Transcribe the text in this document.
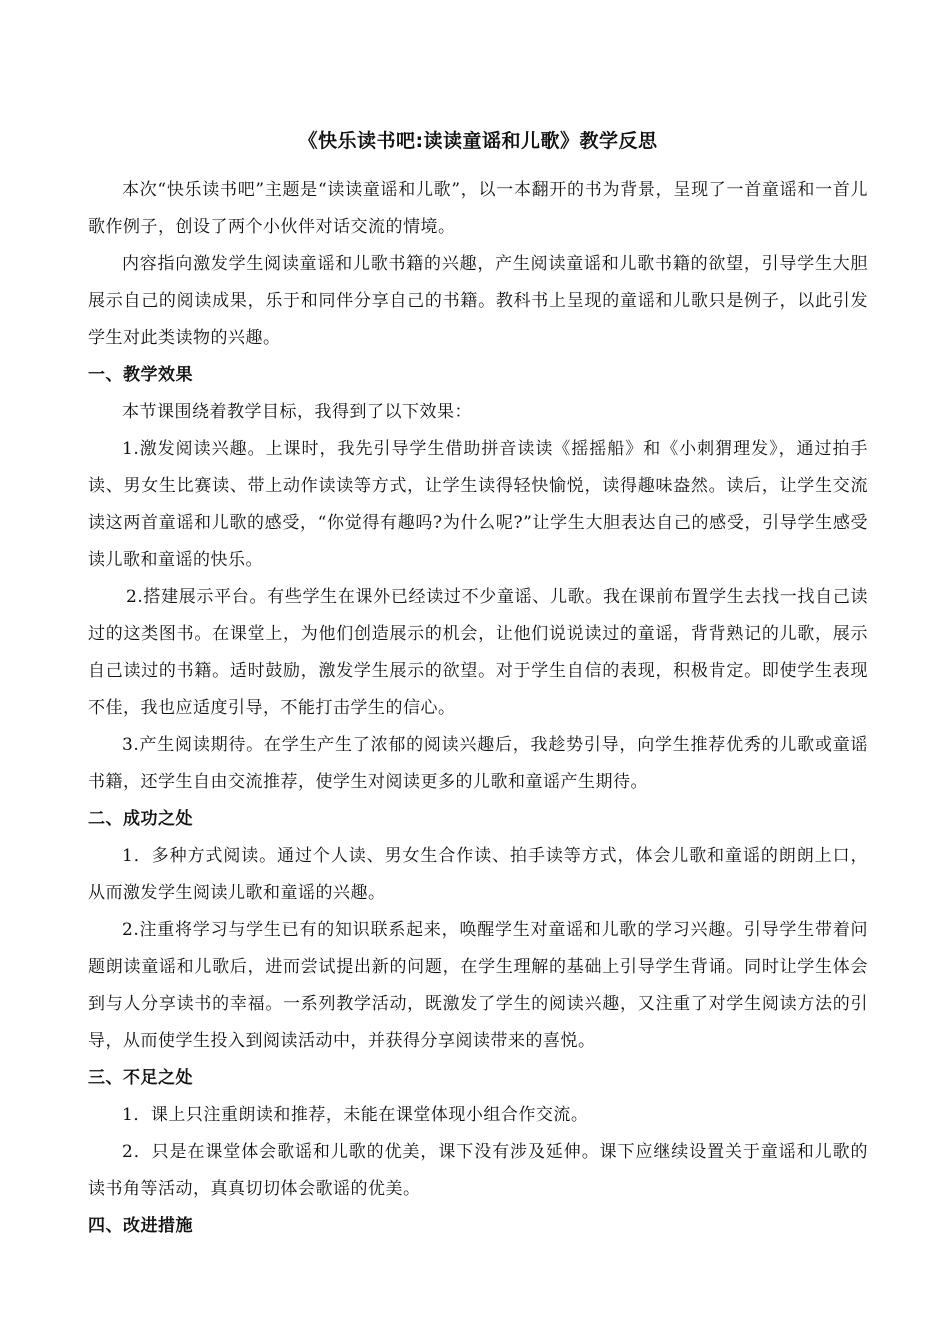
《快乐读书吧:读读童谣和儿歌》教学反思

本次“快乐读书吧”主题是“读读童谣和儿歌”，以一本翻开的书为背景，呈现了一首童谣和一首儿歌作例子，创设了两个小伙伴对话交流的情境。

内容指向激发学生阅读童谣和儿歌书籍的兴趣，产生阅读童谣和儿歌书籍的欲望，引导学生大胆展示自己的阅读成果，乐于和同伴分享自己的书籍。教科书上呈现的童谣和儿歌只是例子，以此引发学生对此类读物的兴趣。

一、教学效果

本节课围绕着教学目标，我得到了以下效果：

1.激发阅读兴趣。上课时，我先引导学生借助拼音读读《摇摇船》和《小刺猬理发》，通过拍手读、男女生比赛读、带上动作读读等方式，让学生读得轻快愉悦，读得趣味盎然。读后，让学生交流读这两首童谣和儿歌的感受，“你觉得有趣吗?为什么呢?”让学生大胆表达自己的感受，引导学生感受读儿歌和童谣的快乐。

2.搭建展示平台。有些学生在课外已经读过不少童谣、儿歌。我在课前布置学生去找一找自己读过的这类图书。在课堂上，为他们创造展示的机会，让他们说说读过的童谣，背背熟记的儿歌，展示自己读过的书籍。适时鼓励，激发学生展示的欲望。对于学生自信的表现，积极肯定。即使学生表现不佳，我也应适度引导，不能打击学生的信心。

3.产生阅读期待。在学生产生了浓郁的阅读兴趣后，我趁势引导，向学生推荐优秀的儿歌或童谣书籍，还学生自由交流推荐，使学生对阅读更多的儿歌和童谣产生期待。

二、成功之处

1．多种方式阅读。通过个人读、男女生合作读、拍手读等方式，体会儿歌和童谣的朗朗上口，从而激发学生阅读儿歌和童谣的兴趣。

2.注重将学习与学生已有的知识联系起来，唤醒学生对童谣和儿歌的学习兴趣。引导学生带着问题朗读童谣和儿歌后，进而尝试提出新的问题，在学生理解的基础上引导学生背诵。同时让学生体会到与人分享读书的幸福。一系列教学活动，既激发了学生的阅读兴趣，又注重了对学生阅读方法的引导，从而使学生投入到阅读活动中，并获得分享阅读带来的喜悦。

三、不足之处

1．课上只注重朗读和推荐，未能在课堂体现小组合作交流。

2．只是在课堂体会歌谣和儿歌的优美，课下没有涉及延伸。课下应继续设置关于童谣和儿歌的读书角等活动，真真切切体会歌谣的优美。

四、改进措施
